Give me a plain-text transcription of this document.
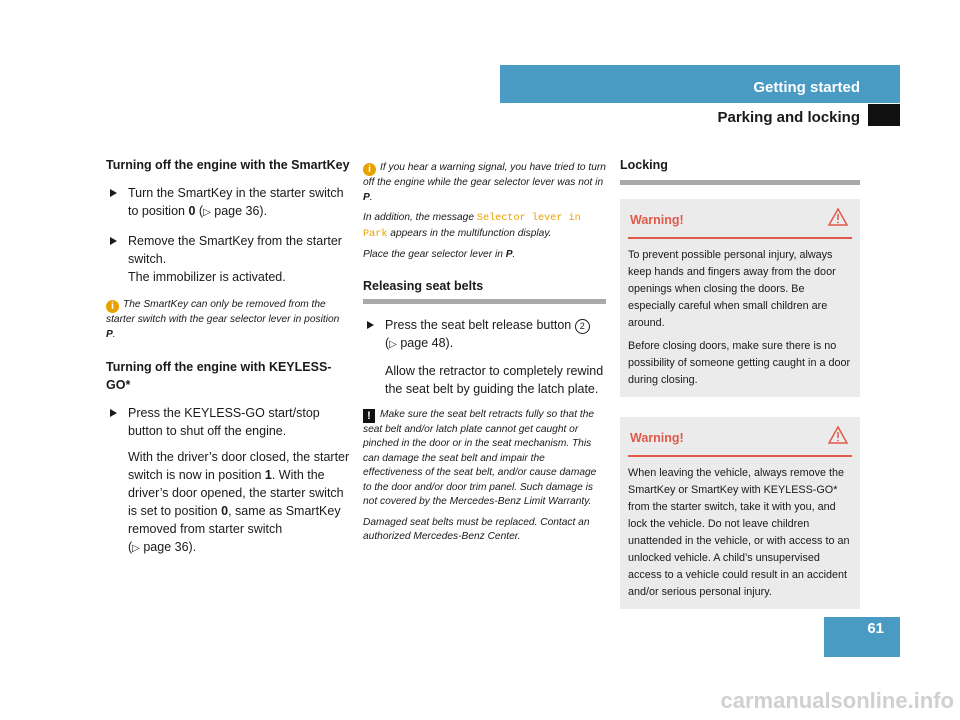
Getting started
Parking and locking
Turning off the engine with the SmartKey

Turn the SmartKey in the starter switch to position 0 (▷ page 36).

Remove the SmartKey from the starter switch.
The immobilizer is activated.

i The SmartKey can only be removed from the starter switch with the gear selector lever in position P.

Turning off the engine with KEYLESS-GO*

Press the KEYLESS-GO start/stop button to shut off the engine.

With the driver’s door closed, the starter switch is now in position 1. With the driver’s door opened, the starter switch is set to position 0, same as SmartKey removed from starter switch
(▷ page 36).

i If you hear a warning signal, you have tried to turn off the engine while the gear selector lever was not in P.

In addition, the message Selector lever in Park appears in the multifunction display.

Place the gear selector lever in P.

Releasing seat belts

Press the seat belt release button 2
(▷ page 48).

Allow the retractor to completely rewind the seat belt by guiding the latch plate.

! Make sure the seat belt retracts fully so that the seat belt and/or latch plate cannot get caught or pinched in the door or in the seat mechanism. This can damage the seat belt and impair the effectiveness of the seat belt, and/or cause damage to the door and/or door trim panel. Such damage is not covered by the Mercedes-Benz Limit Warranty.

Damaged seat belts must be replaced. Contact an authorized Mercedes-Benz Center.

Locking
Warning!

To prevent possible personal injury, always keep hands and fingers away from the door openings when closing the doors. Be especially careful when small children are around.

Before closing doors, make sure there is no possibility of someone getting caught in a door during closing.

Warning!

When leaving the vehicle, always remove the SmartKey or SmartKey with KEYLESS-GO* from the starter switch, take it with you, and lock the vehicle. Do not leave children unattended in the vehicle, or with access to an unlocked vehicle. A child’s unsupervised access to a vehicle could result in an accident and/or serious personal injury.

61
carmanualsonline.info
